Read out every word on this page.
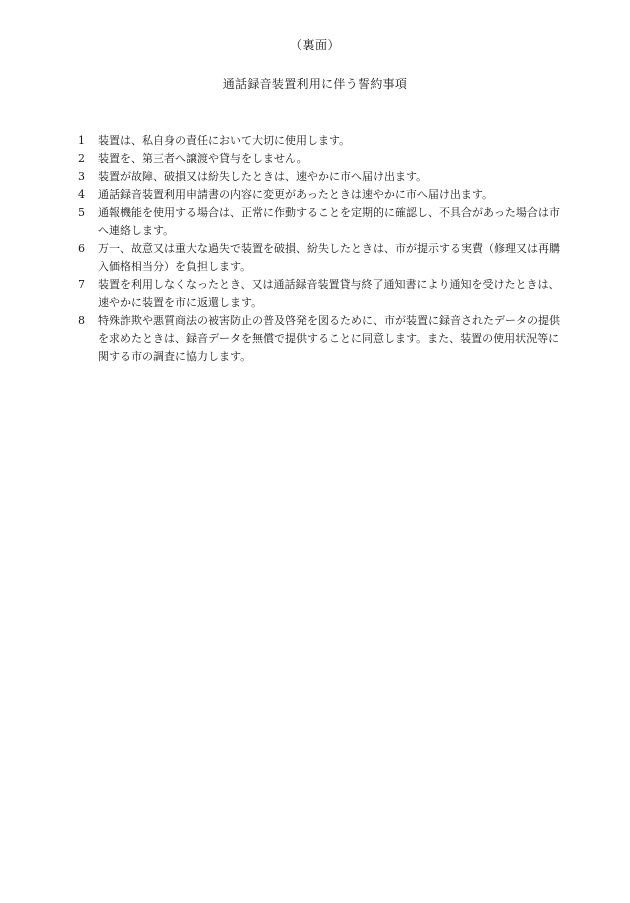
（裏面）
通話録音装置利用に伴う誓約事項
1	装置は、私自身の責任において大切に使用します。
2	装置を、第三者へ譲渡や貸与をしません。
3	装置が故障、破損又は紛失したときは、速やかに市へ届け出ます。
4	通話録音装置利用申請書の内容に変更があったときは速やかに市へ届け出ます。
5	通報機能を使用する場合は、正常に作動することを定期的に確認し、不具合があった場合は市へ連絡します。
6	万一、故意又は重大な過失で装置を破損、紛失したときは、市が提示する実費（修理又は再購入価格相当分）を負担します。
7	装置を利用しなくなったとき、又は通話録音装置貸与終了通知書により通知を受けたときは、速やかに装置を市に返還します。
8	特殊詐欺や悪質商法の被害防止の普及啓発を図るために、市が装置に録音されたデータの提供を求めたときは、録音データを無償で提供することに同意します。また、装置の使用状況等に関する市の調査に協力します。
